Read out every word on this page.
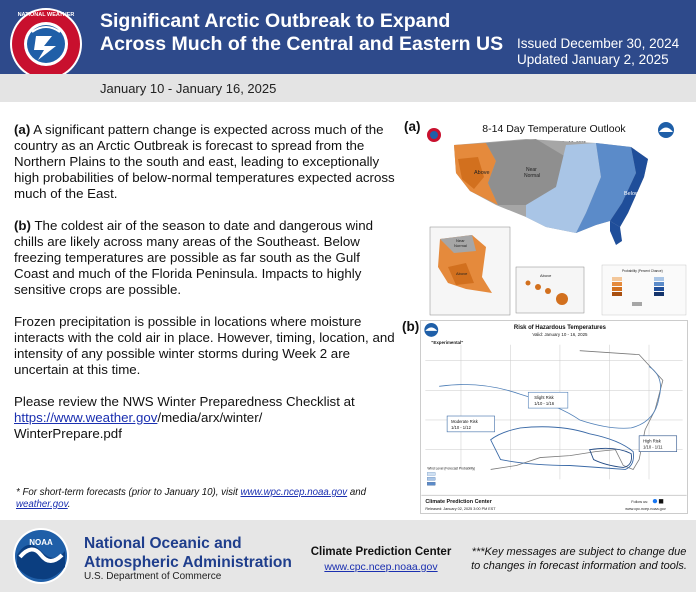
NATIONAL WEATHER Significant Arctic Outbreak to Expand
Across Much of the Central and Eastern US	Issued December 30, 2024
Updated January 2, 2025
January 10 - January 16, 2025

(a) A significant pattern change is expected across much of the country as an Arctic Outbreak is forecast to spread from the Northern Plains to the south and east, leading to exceptionally high probabilities of below-normal temperatures expected across much of the East.

(b) The coldest air of the season to date and dangerous wind chills are likely across many areas of the Southeast. Below freezing temperatures are possible as far south as the Gulf Coast and much of the Florida Peninsula. Impacts to highly sensitive crops are possible.

Frozen precipitation is possible in locations where moisture interacts with the cold air in place. However, timing, location, and intensity of any possible winter storms during Week 2 are uncertain at this time.

Please review the NWS Winter Preparedness Checklist at
https://www.weather.gov/media/arx/winter/
WinterPrepare.pdf

* For short-term forecasts (prior to January 10), visit www.wpc.ncep.noaa.gov and weather.gov.
(a)	8-14 Day Temperature Outlook
Above	Near
Normal
Below
Near
Normal
Above	Above
Probability (Percent Chance)
(b)	Risk of Hazardous Temperatures
Valid: January 10 - 16, 2025
"Experimental"
Slight Risk
1/10 - 1/16
Moderate Risk
1/10 - 1/12
High Risk
1/10 - 1/11
Wind Level (Forecast Probability)
Climate Prediction Center
Released: January 02, 2025 3:00 PM EST
Follow us:
www.cpc.ncep.noaa.gov
NOAA National Oceanic and
Atmospheric Administration
U.S. Department of Commerce
Climate Prediction Center
www.cpc.ncep.noaa.gov
***Key messages are subject to change due to changes in forecast information and tools.
